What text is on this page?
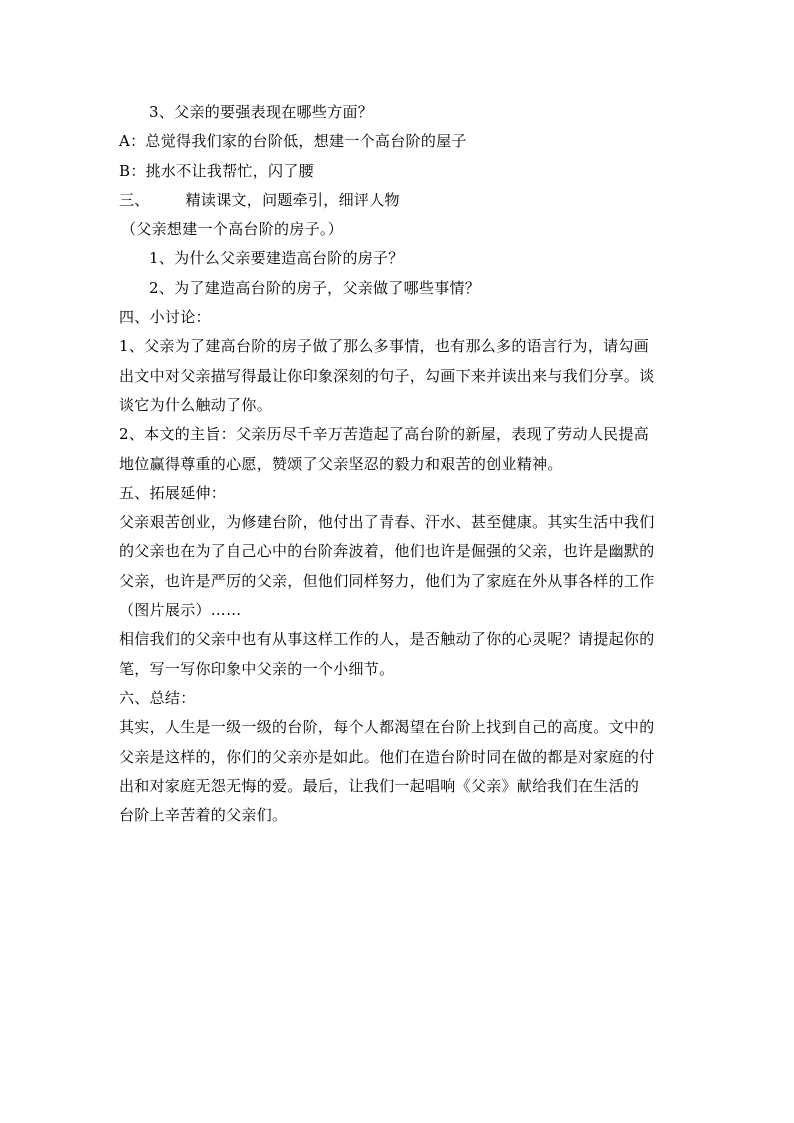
3、父亲的要强表现在哪些方面？
A：总觉得我们家的台阶低，想建一个高台阶的屋子
B：挑水不让我帮忙，闪了腰
三、 精读课文，问题牵引，细评人物
（父亲想建一个高台阶的房子。）
1、为什么父亲要建造高台阶的房子？
2、为了建造高台阶的房子，父亲做了哪些事情？
四、小讨论：
1、父亲为了建高台阶的房子做了那么多事情，也有那么多的语言行为，请勾画
出文中对父亲描写得最让你印象深刻的句子，勾画下来并读出来与我们分享。谈
谈它为什么触动了你。
2、本文的主旨：父亲历尽千辛万苦造起了高台阶的新屋，表现了劳动人民提高
地位赢得尊重的心愿，赞颂了父亲坚忍的毅力和艰苦的创业精神。
五、拓展延伸：
父亲艰苦创业，为修建台阶，他付出了青春、汗水、甚至健康。其实生活中我们
的父亲也在为了自己心中的台阶奔波着，他们也许是倔强的父亲，也许是幽默的
父亲，也许是严厉的父亲，但他们同样努力，他们为了家庭在外从事各样的工作
（图片展示）……
相信我们的父亲中也有从事这样工作的人，是否触动了你的心灵呢？请提起你的
笔，写一写你印象中父亲的一个小细节。
六、总结：
其实，人生是一级一级的台阶，每个人都渴望在台阶上找到自己的高度。文中的
父亲是这样的，你们的父亲亦是如此。他们在造台阶时同在做的都是对家庭的付
出和对家庭无怨无悔的爱。最后，让我们一起唱响《父亲》献给我们在生活的
台阶上辛苦着的父亲们。
